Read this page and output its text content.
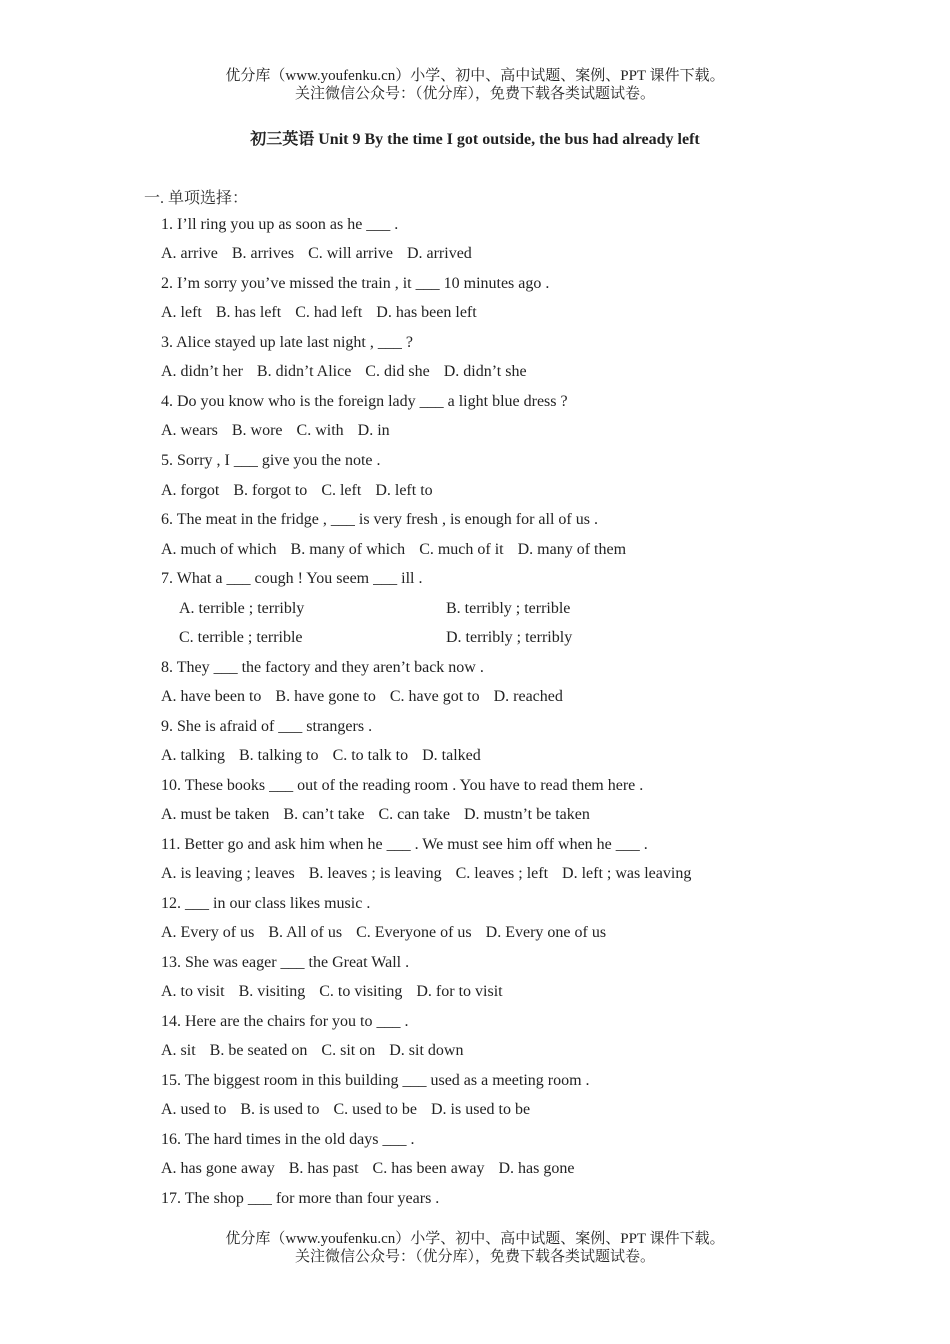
优分库（www.youfenku.cn）小学、初中、高中试题、案例、PPT 课件下载。
关注微信公众号：（优分库），免费下载各类试题试卷。
初三英语 Unit 9 By the time I got outside, the bus had already left
一. 单项选择：
1. I’ll ring you up as soon as he ___ .
A. arrive B. arrives C. will arrive D. arrived
2. I’m sorry you’ve missed the train , it ___ 10 minutes ago .
A. left B. has left C. had left D. has been left
3. Alice stayed up late last night , ___ ?
A. didn’t her B. didn’t Alice C. did she D. didn’t she
4. Do you know who is the foreign lady ___ a light blue dress ?
A. wears B. wore C. with D. in
5. Sorry , I ___ give you the note .
A. forgot B. forgot to C. left D. left to
6. The meat in the fridge , ___ is very fresh , is enough for all of us .
A. much of which B. many of which C. much of it D. many of them
7. What a ___ cough ! You seem ___ ill .
A. terrible ; terribly	B. terribly ; terrible
C. terrible ; terrible	D. terribly ; terribly
8. They ___ the factory and they aren’t back now .
A. have been to B. have gone to C. have got to D. reached
9. She is afraid of ___ strangers .
A. talking B. talking to C. to talk to D. talked
10. These books ___ out of the reading room . You have to read them here .
A. must be taken B. can’t take C. can take D. mustn’t be taken
11. Better go and ask him when he ___ . We must see him off when he ___ .
A. is leaving ; leaves B. leaves ; is leaving C. leaves ; left D. left ; was leaving
12. ___ in our class likes music .
A. Every of us B. All of us C. Everyone of us D. Every one of us
13. She was eager ___ the Great Wall .
A. to visit B. visiting C. to visiting D. for to visit
14. Here are the chairs for you to ___ .
A. sit B. be seated on C. sit on D. sit down
15. The biggest room in this building ___ used as a meeting room .
A. used to B. is used to C. used to be D. is used to be
16. The hard times in the old days ___ .
A. has gone away B. has past C. has been away D. has gone
17. The shop ___ for more than four years .
优分库（www.youfenku.cn）小学、初中、高中试题、案例、PPT 课件下载。
关注微信公众号：（优分库），免费下载各类试题试卷。
